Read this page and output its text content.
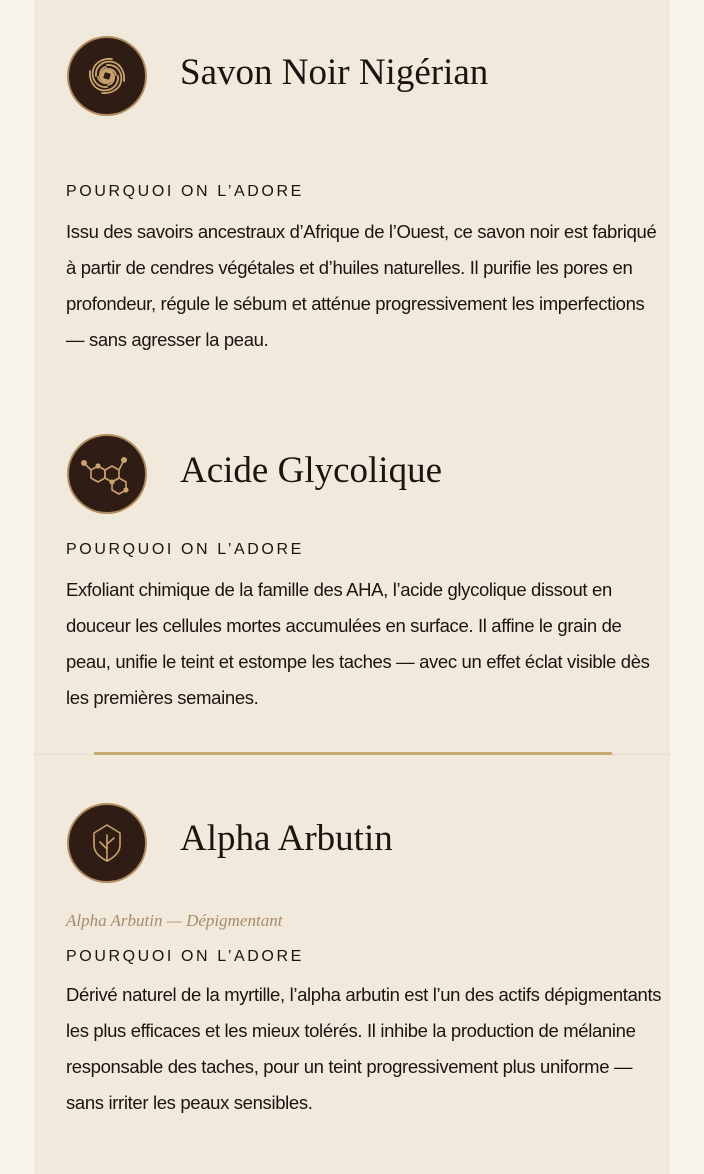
Savon Noir Nigérian
POURQUOI ON L’ADORE

Issu des savoirs ancestraux d’Afrique de l’Ouest, ce savon noir est fabriqué à partir de cendres végétales et d’huiles naturelles. Il purifie les pores en profondeur, régule le sébum et atténue progressivement les imperfections — sans agresser la peau.

Acide Glycolique
POURQUOI ON L’ADORE

Exfoliant chimique de la famille des AHA, l’acide glycolique dissout en douceur les cellules mortes accumulées en surface. Il affine le grain de peau, unifie le teint et estompe les taches — avec un effet éclat visible dès les premières semaines.

Alpha Arbutin
Alpha Arbutin — Dépigmentant
POURQUOI ON L’ADORE

Dérivé naturel de la myrtille, l’alpha arbutin est l’un des actifs dépigmentants les plus efficaces et les mieux tolérés. Il inhibe la production de mélanine responsable des taches, pour un teint progressivement plus uniforme — sans irriter les peaux sensibles.
